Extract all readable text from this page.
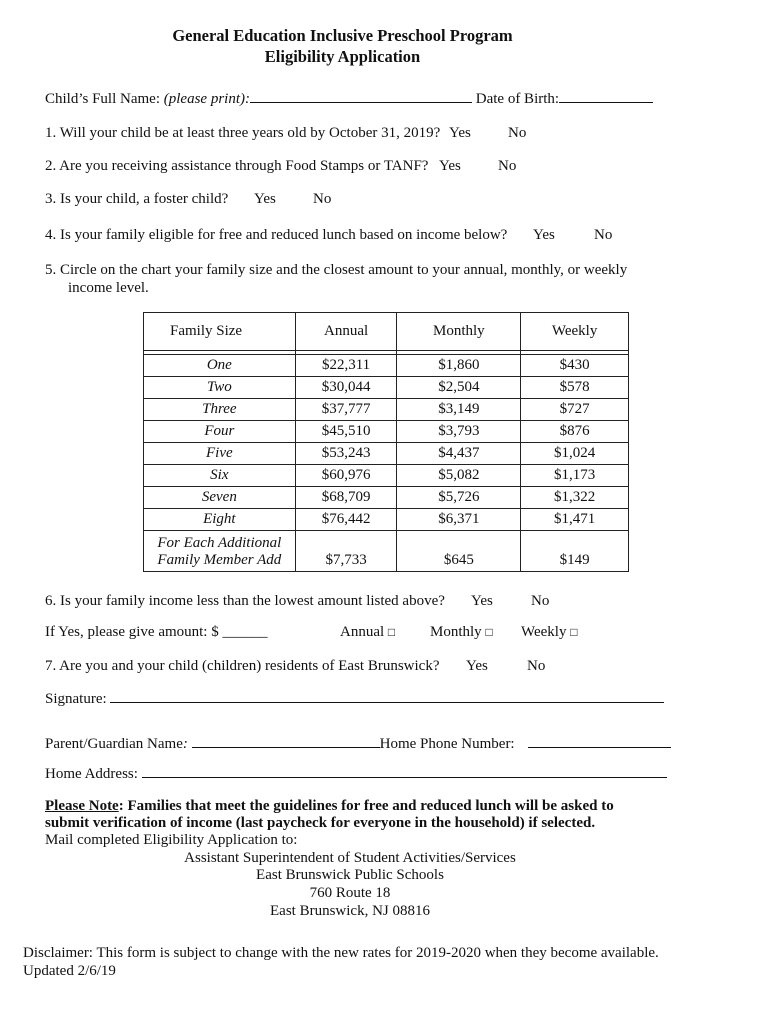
General Education Inclusive Preschool Program
Eligibility Application
Child’s Full Name: (please print):	Date of Birth:
1. Will your child be at least three years old by October 31, 2019? Yes No
2. Are you receiving assistance through Food Stamps or TANF? Yes No
3. Is your child, a foster child? Yes No
4. Is your family eligible for free and reduced lunch based on income below? Yes	No
5. Circle on the chart your family size and the closest amount to your annual, monthly, or weekly
income level.
Family Size	Annual	Monthly	Weekly

One	$22,311	$1,860	$430
Two	$30,044	$2,504	$578
Three	$37,777	$3,149	$727
Four	$45,510	$3,793	$876
Five	$53,243	$4,437	$1,024
Six	$60,976	$5,082	$1,173
Seven	$68,709	$5,726	$1,322
Eight	$76,442	$6,371	$1,471
For Each Additional
Family Member Add	$7,733	$645	$149
6. Is your family income less than the lowest amount listed above? Yes	No
If Yes, please give amount: $ ______	Annual □ Monthly □ Weekly □
7. Are you and your child (children) residents of East Brunswick? Yes	No
Signature:
Parent/Guardian Name:	Home Phone Number:
Home Address:
Please Note: Families that meet the guidelines for free and reduced lunch will be asked to
submit verification of income (last paycheck for everyone in the household) if selected.
Mail completed Eligibility Application to:
Assistant Superintendent of Student Activities/Services
East Brunswick Public Schools
760 Route 18
East Brunswick, NJ 08816
Disclaimer: This form is subject to change with the new rates for 2019-2020 when they become available.
Updated 2/6/19
